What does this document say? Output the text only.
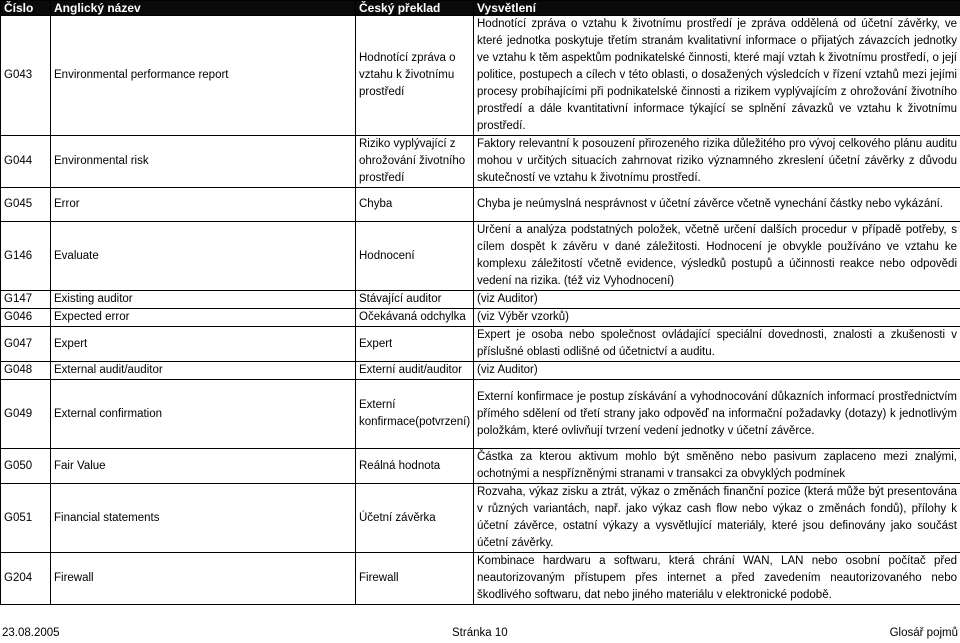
Číslo	Anglický název	Český překlad	Vysvětlení
G043	Environmental performance report	Hodnotící zpráva o vztahu k životnímu prostředí	Hodnotící zpráva o vztahu k životnímu prostředí je zpráva oddělená od účetní závěrky, ve které jednotka poskytuje třetím stranám kvalitativní informace o přijatých závazcích jednotky ve vztahu k těm aspektům podnikatelské činnosti, které mají vztah k životnímu prostředí, o její politice, postupech a cílech v této oblasti, o dosažených výsledcích v řízení vztahů mezi jejími procesy probíhajícími při podnikatelské činnosti a rizikem vyplývajícím z ohrožování životního prostředí a dále kvantitativní informace týkající se splnění závazků ve vztahu k životnímu prostředí.
G044	Environmental risk	Riziko vyplývající z ohrožování životního prostředí	Faktory relevantní k posouzení přirozeného rizika důležitého pro vývoj celkového plánu auditu mohou v určitých situacích zahrnovat riziko významného zkreslení účetní závěrky z důvodu skutečností ve vztahu k životnímu prostředí.
G045	Error	Chyba	Chyba je neúmyslná nesprávnost v účetní závěrce včetně vynechání částky nebo vykázání.
G146	Evaluate	Hodnocení	Určení a analýza podstatných položek, včetně určení dalších procedur v případě potřeby, s cílem dospět k závěru v dané záležitosti. Hodnocení je obvykle používáno ve vztahu ke komplexu záležitostí včetně evidence, výsledků postupů a účinnosti reakce nebo odpovědi vedení na rizika. (též viz Vyhodnocení)
G147	Existing auditor	Stávající auditor	(viz Auditor)
G046	Expected error	Očekávaná odchylka	(viz Výběr vzorků)
G047	Expert	Expert	Expert je osoba nebo společnost ovládající speciální dovednosti, znalosti a zkušenosti v příslušné oblasti odlišné od účetnictví a auditu.
G048	External audit/auditor	Externí audit/auditor	(viz Auditor)
G049	External confirmation	Externí konfirmace(potvrzení)	Externí konfirmace je postup získávání a vyhodnocování důkazních informací prostřednictvím přímého sdělení od třetí strany jako odpověď na informační požadavky (dotazy) k jednotlivým položkám, které ovlivňují tvrzení vedení jednotky v účetní závěrce.
G050	Fair Value	Reálná hodnota	Částka za kterou aktivum mohlo být směněno nebo pasivum zaplaceno mezi znalými, ochotnými a nespřízněnými stranami v transakci za obvyklých podmínek
G051	Financial statements	Účetní závěrka	Rozvaha, výkaz zisku a ztrát, výkaz o změnách finanční pozice (která může být presentována v různých variantách, např. jako výkaz cash flow nebo výkaz o změnách fondů), přílohy k účetní závěrce, ostatní výkazy a vysvětlující materiály, které jsou definovány jako součást účetní závěrky.
G204	Firewall	Firewall	Kombinace hardwaru a softwaru, která chrání WAN, LAN nebo osobní počítač před neautorizovaným přístupem přes internet a před zavedením neautorizovaného nebo škodlivého softwaru, dat nebo jiného materiálu v elektronické podobě.
23.08.2005	Stránka 10	Glosář pojmů
